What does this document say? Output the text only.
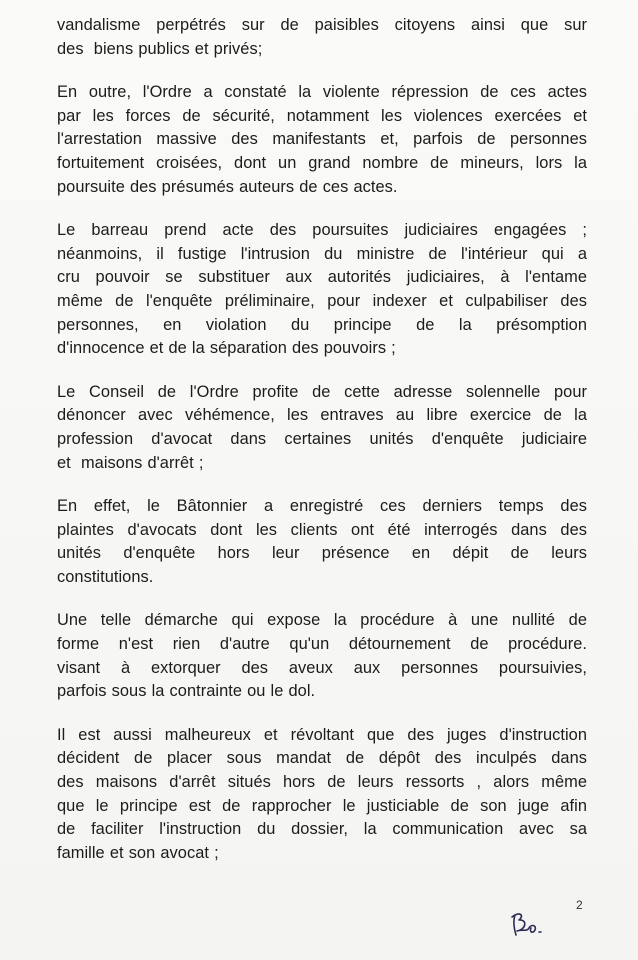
vandalisme perpétrés sur de paisibles citoyens ainsi que sur
des  biens publics et privés;

En outre, l'Ordre a constaté la violente répression de ces actes
par les forces de sécurité, notamment les violences exercées et
l'arrestation massive des manifestants et, parfois de personnes
fortuitement croisées, dont un grand nombre de mineurs, lors la
poursuite des présumés auteurs de ces actes.

Le barreau prend acte des poursuites judiciaires engagées ;
néanmoins, il fustige l'intrusion du ministre de l'intérieur qui a
cru pouvoir se substituer aux autorités judiciaires, à l'entame
même de l'enquête préliminaire, pour indexer et culpabiliser des
personnes, en violation du principe de la présomption
d'innocence et de la séparation des pouvoirs ;

Le Conseil de l'Ordre profite de cette adresse solennelle pour
dénoncer avec véhémence, les entraves au libre exercice de la
profession d'avocat dans certaines unités d'enquête judiciaire
et  maisons d'arrêt ;

En effet, le Bâtonnier a enregistré ces derniers temps des
plaintes d'avocats dont les clients ont été interrogés dans des
unités d'enquête hors leur présence en dépit de leurs
constitutions.

Une telle démarche qui expose la procédure à une nullité de
forme n'est rien d'autre qu'un détournement de procédure.
visant à extorquer des aveux aux personnes poursuivies,
parfois sous la contrainte ou le dol.

Il est aussi malheureux et révoltant que des juges d'instruction
décident de placer sous mandat de dépôt des inculpés dans
des maisons d'arrêt situés hors de leurs ressorts , alors même
que le principe est de rapprocher le justiciable de son juge afin
de faciliter l'instruction du dossier, la communication avec sa
famille et son avocat ;

2
